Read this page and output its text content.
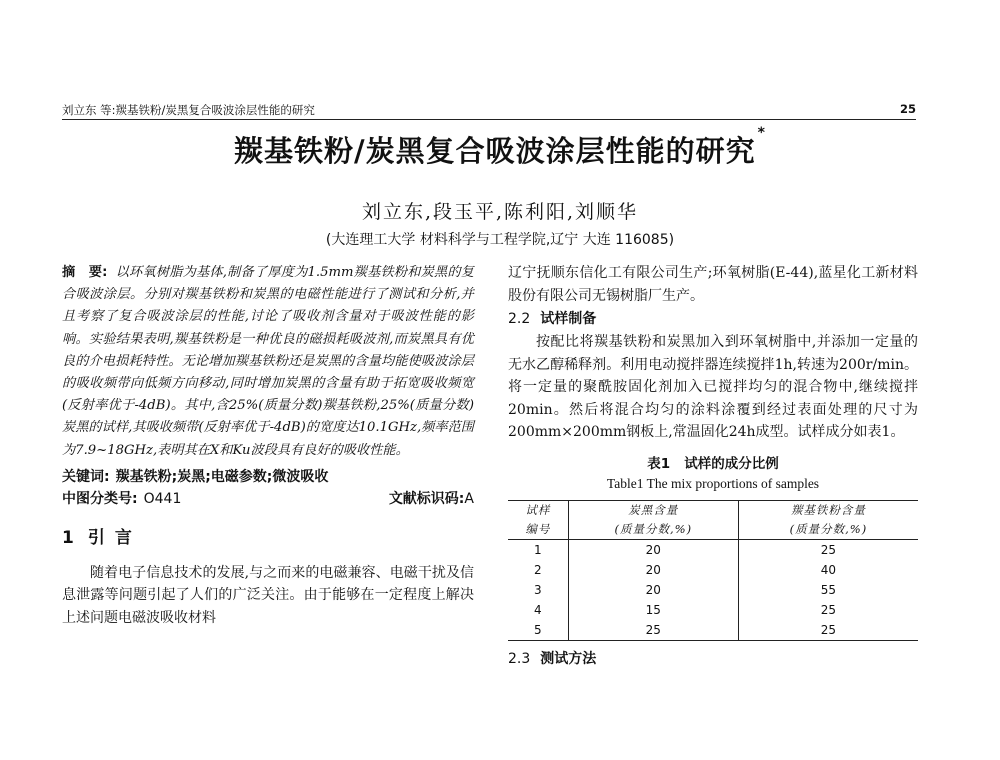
刘立东 等:羰基铁粉/炭黑复合吸波涂层性能的研究	25
羰基铁粉/炭黑复合吸波涂层性能的研究*
刘立东,段玉平,陈利阳,刘顺华
(大连理工大学 材料科学与工程学院,辽宁 大连 116085)

摘　要: 以环氧树脂为基体,制备了厚度为1.5mm羰基铁粉和炭黑的复合吸波涂层。分别对羰基铁粉和炭黑的电磁性能进行了测试和分析,并且考察了复合吸波涂层的性能,讨论了吸收剂含量对于吸波性能的影响。实验结果表明,羰基铁粉是一种优良的磁损耗吸波剂,而炭黑具有优良的介电损耗特性。无论增加羰基铁粉还是炭黑的含量均能使吸波涂层的吸收频带向低频方向移动,同时增加炭黑的含量有助于拓宽吸收频宽(反射率优于-4dB)。其中,含25%(质量分数)羰基铁粉,25%(质量分数)炭黑的试样,其吸收频带(反射率优于-4dB)的宽度达10.1GHz,频率范围为7.9~18GHz,表明其在X和Ku波段具有良好的吸收性能。

关键词: 羰基铁粉;炭黑;电磁参数;微波吸收
中图分类号: O441	文献标识码:A
1 引言

随着电子信息技术的发展,与之而来的电磁兼容、电磁干扰及信息泄露等问题引起了人们的广泛关注。由于能够在一定程度上解决上述问题电磁波吸收材料

辽宁抚顺东信化工有限公司生产;环氧树脂(E-44),蓝星化工新材料股份有限公司无锡树脂厂生产。

2.2 试样制备

按配比将羰基铁粉和炭黑加入到环氧树脂中,并添加一定量的无水乙醇稀释剂。利用电动搅拌器连续搅拌1h,转速为200r/min。将一定量的聚酰胺固化剂加入已搅拌均匀的混合物中,继续搅拌20min。然后将混合均匀的涂料涂覆到经过表面处理的尺寸为200mm×200mm钢板上,常温固化24h成型。试样成分如表1。

表1 试样的成分比例
Table1 The mix proportions of samples
试样	炭黑含量	羰基铁粉含量
编号	(质量分数,%)	(质量分数,%)
1	20	25
2	20	40
3	20	55
4	15	25
5	25	25

2.3 测试方法
